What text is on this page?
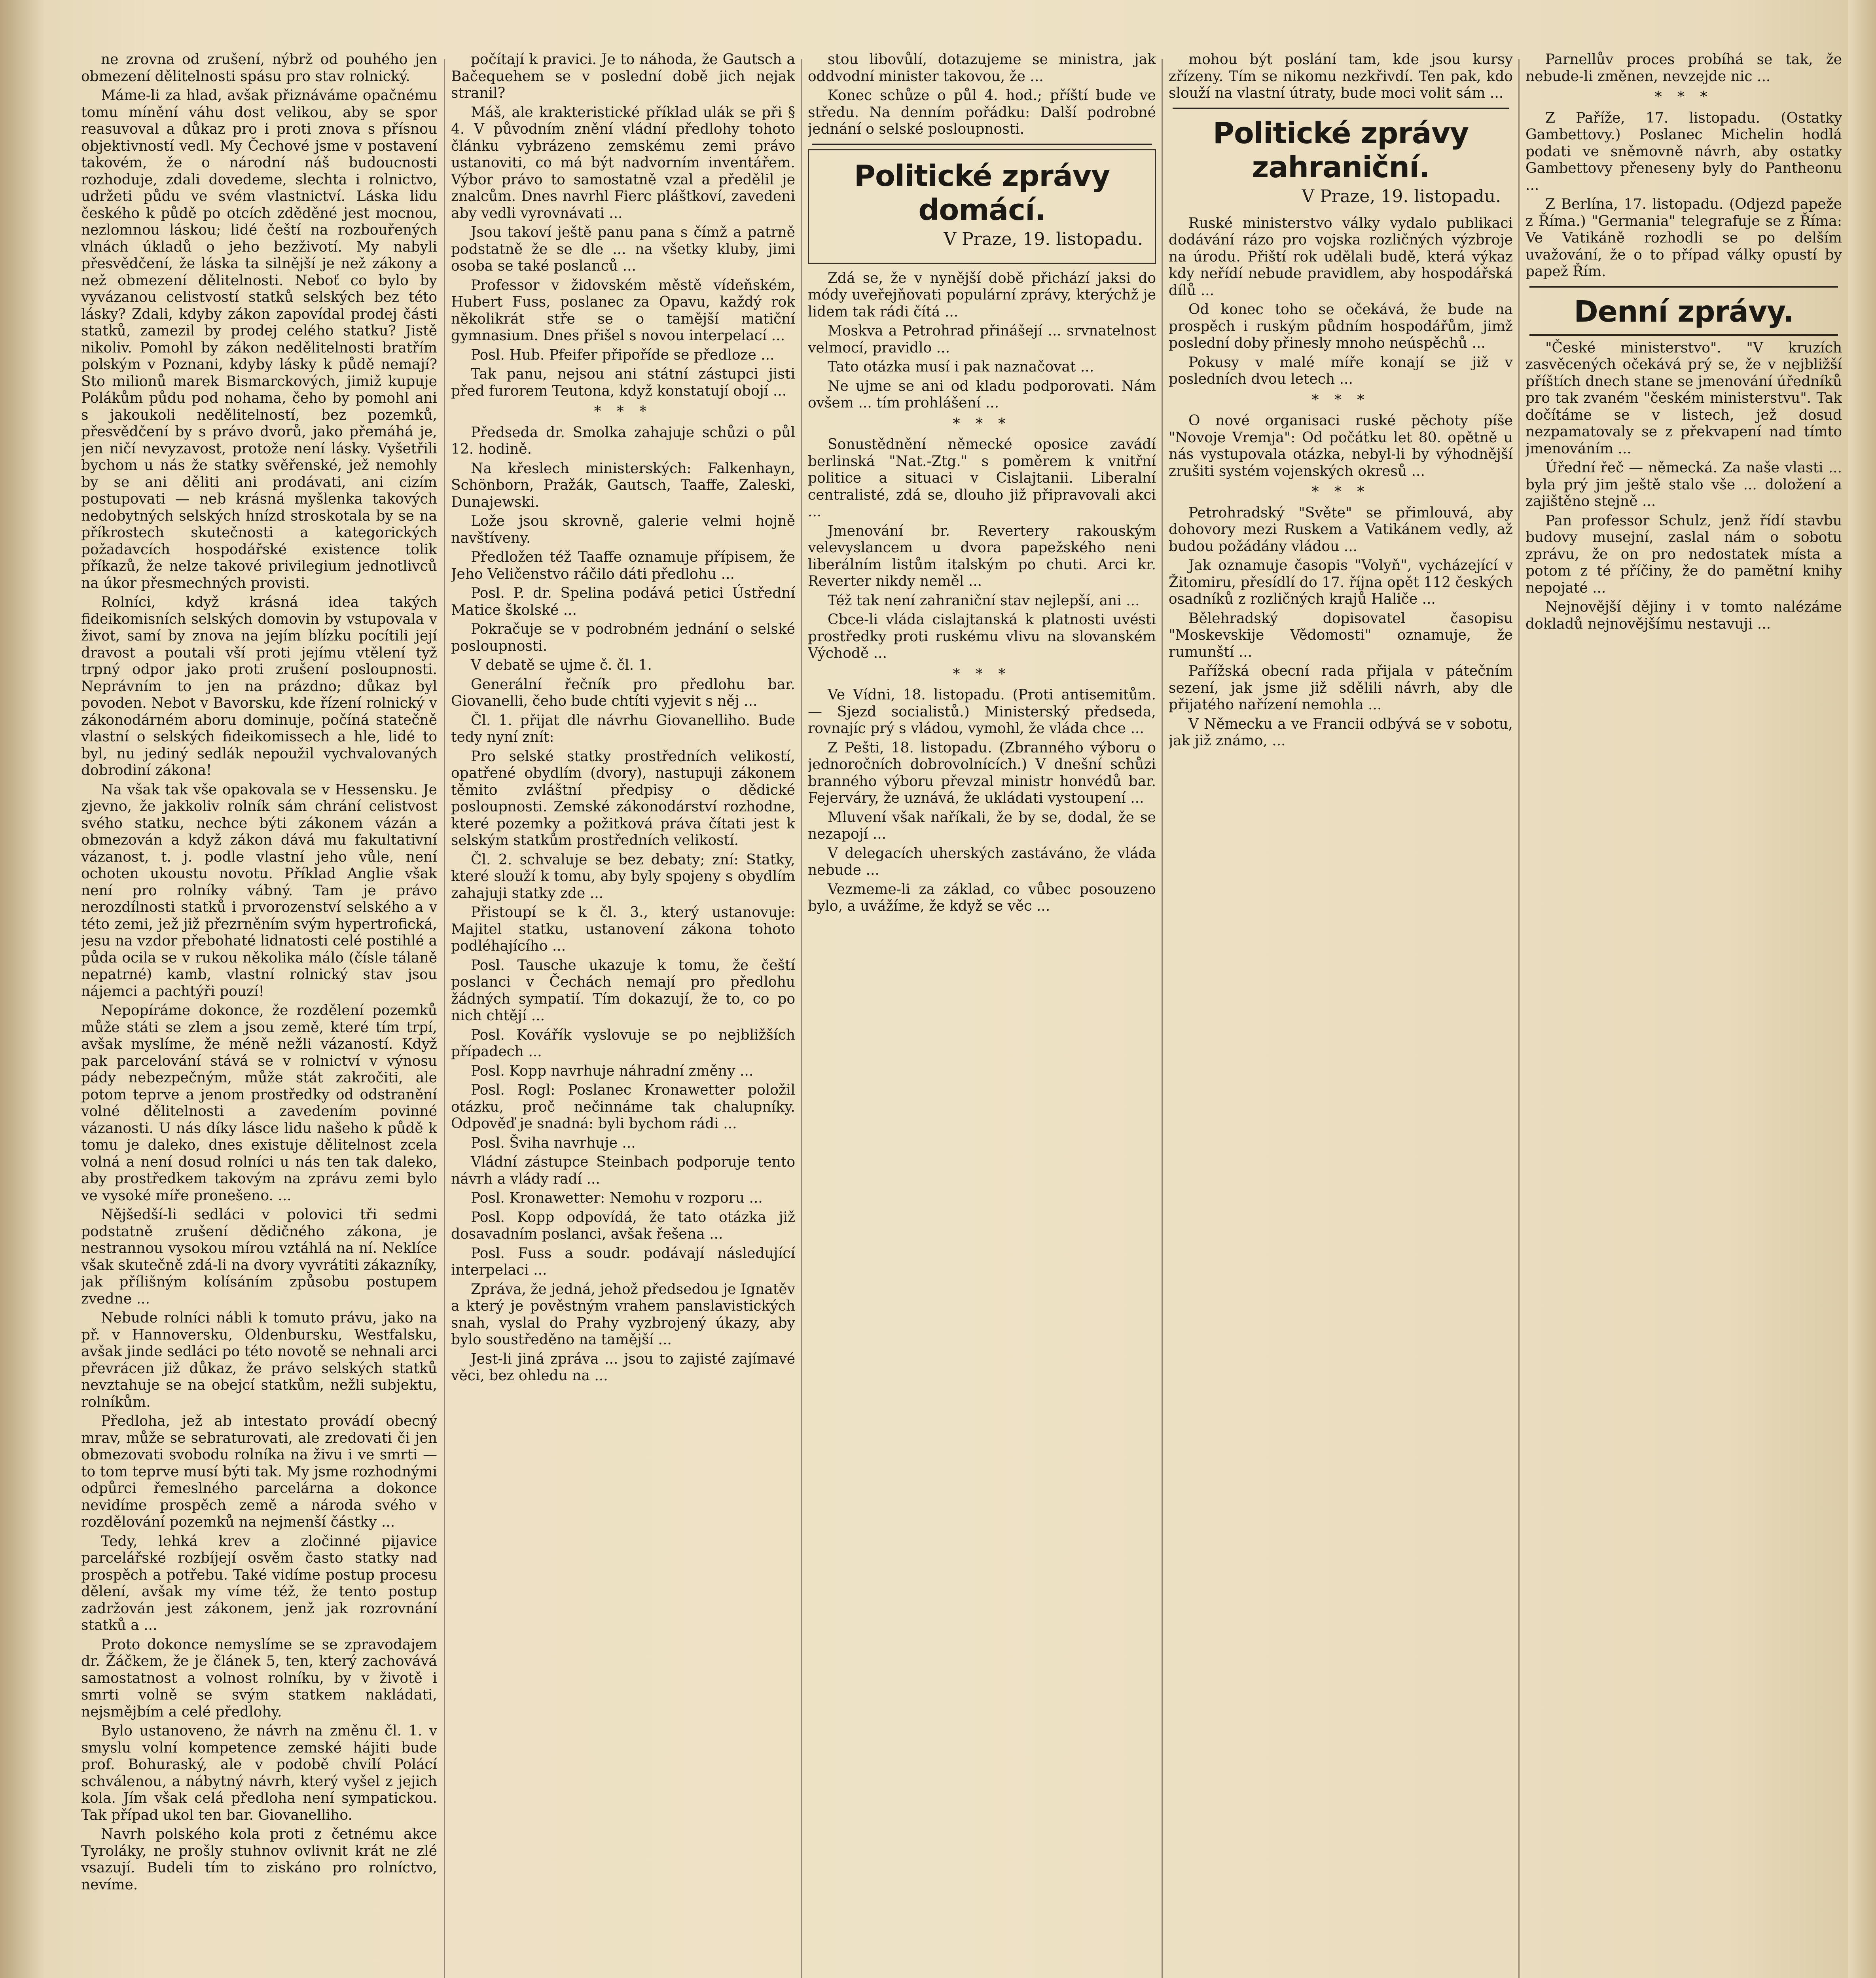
ne zrovna od zrušení, nýbrž od pouhého jen obmezení dělitelnosti spásu pro stav rolnický.

Máme-li za hlad, avšak přiznáváme opačnému tomu mínění váhu dost velikou, aby se spor reasuvoval a důkaz pro i proti znova s přísnou objektivností vedl. My Čechové jsme v postavení takovém, že o národní náš budoucnosti rozhoduje, zdali dovedeme, slechta i rolnictvo, udržeti půdu ve svém vlastnictví. Láska lidu českého k půdě po otcích zděděné jest mocnou, nezlomnou láskou; lidé čeští na rozbouřených vlnách úkladů o jeho bezživotí. My nabyli přesvědčení, že láska ta silnější je než zákony a než obmezení dělitelnosti. Neboť co bylo by vyvázanou celistvostí statků selských bez této lásky? Zdali, kdyby zákon zapovídal prodej části statků, zamezil by prodej celého statku? Jistě nikoliv. Pomohl by zákon nedělitelnosti bratřím polským v Poznani, kdyby lásky k půdě nemají? Sto milionů marek Bismarckových, jimiž kupuje Polákům půdu pod nohama, čeho by pomohl ani s jakoukoli nedělitelností, bez pozemků, přesvědčení by s právo dvorů, jako přemáhá je, jen ničí nevyzavost, protože není lásky. Vyšetřili bychom u nás že statky svěřenské, jež nemohly by se ani děliti ani prodávati, ani cizím postupovati — neb krásná myšlenka takových nedobytných selských hnízd stroskotala by se na příkrostech skutečnosti a kategorických požadavcích hospodářské existence tolik příkazů, že nelze takové privilegium jednotlivců na úkor přesmechných provisti.

Rolníci, když krásná idea takých fideikomisních selských domovin by vstupovala v život, samí by znova na jejím blízku pocítili její dravost a poutali vší proti jejímu vtělení tyž trpný odpor jako proti zrušení posloupnosti. Neprávním to jen na prázdno; důkaz byl povoden. Nebot v Bavorsku, kde řízení rolnický v zákonodárném aboru dominuje, počíná statečně vlastní o selských fideikomissech a hle, lidé to byl, nu jediný sedlák nepoužil vychvalovaných dobrodiní zákona!

Na však tak vše opakovala se v Hessensku. Je zjevno, že jakkoliv rolník sám chrání celistvost svého statku, nechce býti zákonem vázán a obmezován a když zákon dává mu fakultativní vázanost, t. j. podle vlastní jeho vůle, není ochoten ukoustu novotu. Příklad Anglie však není pro rolníky vábný. Tam je právo nerozdílnosti statků i prvorozenství selského a v této zemi, jež již přezrněním svým hypertrofická, jesu na vzdor přebohaté lidnatosti celé postihlé a půda ocila se v rukou několika málo (čísle tálaně nepatrné) kamb, vlastní rolnický stav jsou nájemci a pachtýři pouzí!

Nepopíráme dokonce, že rozdělení pozemků může státi se zlem a jsou země, které tím trpí, avšak myslíme, že méně nežli vázaností. Když pak parcelování stává se v rolnictví v výnosu pády nebezpečným, může stát zakročiti, ale potom teprve a jenom prostředky od odstranění volné dělitelnosti a zavedením povinné vázanosti. U nás díky lásce lidu našeho k půdě k tomu je daleko, dnes existuje dělitelnost zcela volná a není dosud rolníci u nás ten tak daleko, aby prostředkem takovým na zprávu zemi bylo ve vysoké míře pronešeno. ...

Nějšedší-li sedláci v polovici tři sedmi podstatně zrušení dědičného zákona, je nestrannou vysokou mírou vztáhlá na ní. Neklíce však skutečně zdá-li na dvory vyvrátiti zákazníky, jak přílišným kolísáním způsobu postupem zvedne ...

Nebude rolníci nábli k tomuto právu, jako na př. v Hannoversku, Oldenbursku, Westfalsku, avšak jinde sedláci po této novotě se nehnali arci převrácen již důkaz, že právo selských statků nevztahuje se na obejcí statkům, nežli subjektu, rolníkům.

Předloha, jež ab intestato provádí obecný mrav, může se sebraturovati, ale zredovati či jen obmezovati svobodu rolníka na živu i ve smrti — to tom teprve musí býti tak. My jsme rozhodnými odpůrci řemeslného parcelárna a dokonce nevidíme prospěch země a národa svého v rozdělování pozemků na nejmenší částky ...

Tedy, lehká krev a zločinné pijavice parcelářské rozbíjejí osvěm často statky nad prospěch a potřebu. Také vidíme postup procesu dělení, avšak my víme též, že tento postup zadržován jest zákonem, jenž jak rozrovnání statků a ...

Proto dokonce nemyslíme se se zpravodajem dr. Žáčkem, že je článek 5, ten, který zachovává samostatnost a volnost rolníku, by v životě i smrti volně se svým statkem nakládati, nejsmějbím a celé předlohy.

Bylo ustanoveno, že návrh na změnu čl. 1. v smyslu volní kompetence zemské hájiti bude prof. Bohuraský, ale v podobě chvilí Polácí schválenou, a nábytný návrh, který vyšel z jejich kola. Jím však celá předloha není sympatickou. Tak případ ukol ten bar. Giovanelliho.

Navrh polského kola proti z četnému akce Tyroláky, ne prošly stuhnov ovlivnit krát ne zlé vsazují. Budeli tím to ziskáno pro rolníctvo, nevíme.

počítají k pravici. Je to náhoda, že Gautsch a Bačequehem se v poslední době jich nejak stranil?

Máš, ale krakteristické příklad ulák se při § 4. V původním znění vládní předlohy tohoto článku vybrázeno zemskému zemi právo ustanoviti, co má být nadvorním inventářem. Výbor právo to samostatně vzal a předělil je znalcům. Dnes navrhl Fierc pláštkoví, zavedeni aby vedli vyrovnávati ...

Jsou takoví ještě panu pana s čímž a patrně podstatně že se dle ... na všetky kluby, jimi osoba se také poslanců ...

Professor v židovském městě vídeňském, Hubert Fuss, poslanec za Opavu, každý rok několikrát stře se o tamější matiční gymnasium. Dnes přišel s novou interpelací ...

Posl. Hub. Pfeifer připoříde se předloze ...

Tak panu, nejsou ani státní zástupci jisti před furorem Teutona, když konstatují obojí ...

* * *

Předseda dr. Smolka zahajuje schůzi o půl 12. hodině.

Na křeslech ministerských: Falkenhayn, Schönborn, Pražák, Gautsch, Taaffe, Zaleski, Dunajewski.

Lože jsou skrovně, galerie velmi hojně navštíveny.

Předložen též Taaffe oznamuje přípisem, že Jeho Veličenstvo ráčilo dáti předlohu ...

Posl. P. dr. Spelina podává petici Ústřední Matice školské ...

Pokračuje se v podrobném jednání o selské posloupnosti.

V debatě se ujme č. čl. 1.

Generální řečník pro předlohu bar. Giovanelli, čeho bude chtíti vyjevit s něj ...

Čl. 1. přijat dle návrhu Giovanelliho. Bude tedy nyní znít:

Pro selské statky prostředních velikostí, opatřené obydlím (dvory), nastupuji zákonem těmito zvláštní předpisy o dědické posloupnosti. Zemské zákonodárství rozhodne, které pozemky a požitková práva čítati jest k selským statkům prostředních velikostí.

Čl. 2. schvaluje se bez debaty; zní: Statky, které slouží k tomu, aby byly spojeny s obydlím zahajuji statky zde ...

Přistoupí se k čl. 3., který ustanovuje: Majitel statku, ustanovení zákona tohoto podléhajícího ...

Posl. Tausche ukazuje k tomu, že čeští poslanci v Čechách nemají pro předlohu žádných sympatií. Tím dokazují, že to, co po nich chtějí ...

Posl. Kovářík vyslovuje se po nejbližších případech ...

Posl. Kopp navrhuje náhradní změny ...

Posl. Rogl: Poslanec Kronawetter položil otázku, proč nečinnáme tak chalupníky. Odpověď je snadná: byli bychom rádi ...

Posl. Šviha navrhuje ...

Vládní zástupce Steinbach podporuje tento návrh a vlády radí ...

Posl. Kronawetter: Nemohu v rozporu ...

Posl. Kopp odpovídá, že tato otázka již dosavadním poslanci, avšak řešena ...

Posl. Fuss a soudr. podávají následující interpelaci ...

Zpráva, že jedná, jehož předsedou je Ignatěv a který je pověstným vrahem panslavistických snah, vyslal do Prahy vyzbrojený úkazy, aby bylo soustředěno na tamější ...

Jest-li jiná zpráva ... jsou to zajisté zajímavé věci, bez ohledu na ...

stou libovůlí, dotazujeme se ministra, jak oddvodní minister takovou, že ...

Konec schůze o půl 4. hod.; příští bude ve středu. Na denním pořádku: Další podrobné jednání o selské posloupnosti.

Politické zprávy domácí.
V Praze, 19. listopadu.

Zdá se, že v nynější době přichází jaksi do módy uveřejňovati populární zprávy, kterýchž je lidem tak rádi čítá ...

Moskva a Petrohrad přinášejí ... srvnatelnost velmocí, pravidlo ...

Tato otázka musí i pak naznačovat ...

Ne ujme se ani od kladu podporovati. Nám ovšem ... tím prohlášení ...

* * *

Sonustědnění německé oposice zavádí berlinská "Nat.-Ztg." s poměrem k vnitřní politice a situaci v Cislajtanii. Liberalní centralisté, zdá se, dlouho již připravovali akci ...

Jmenování br. Revertery rakouským velevyslancem u dvora papežského neni liberálním listům italským po chuti. Arci kr. Reverter nikdy neměl ...

Též tak není zahraniční stav nejlepší, ani ...

Cbce-li vláda cislajtanská k platnosti uvésti prostředky proti ruskému vlivu na slovanském Východě ...

* * *

Ve Vídni, 18. listopadu. (Proti antisemitům. — Sjezd socialistů.) Ministerský předseda, rovnajíc prý s vládou, vymohl, že vláda chce ...

Z Pešti, 18. listopadu. (Zbranného výboru o jednoročních dobrovolnících.) V dnešní schůzi branného výboru převzal ministr honvédů bar. Fejerváry, že uznává, že ukládati vystoupení ...

Mluvení však naříkali, že by se, dodal, že se nezapojí ...

V delegacích uherských zastáváno, že vláda nebude ...

Vezmeme-li za základ, co vůbec posouzeno bylo, a uvážíme, že když se věc ...

mohou být poslání tam, kde jsou kursy zřízeny. Tím se nikomu nezkřivdí. Ten pak, kdo slouží na vlastní útraty, bude moci volit sám ...

Politické zprávy zahraniční.
V Praze, 19. listopadu.

Ruské ministerstvo války vydalo publikaci dodávání rázo pro vojska rozličných výzbroje na úrodu. Přiští rok udělali budě, která výkaz kdy neřídí nebude pravidlem, aby hospodářská dílů ...

Od konec toho se očekává, že bude na prospěch i ruským půdním hospodářům, jimž poslední doby přinesly mnoho neúspěchů ...

Pokusy v malé míře konají se již v posledních dvou letech ...

* * *

O nové organisaci ruské pěchoty píše "Novoje Vremja": Od počátku let 80. opětně u nás vystupovala otázka, nebyl-li by výhodnější zrušiti systém vojenských okresů ...

* * *

Petrohradský "Světe" se přimlouvá, aby dohovory mezi Ruskem a Vatikánem vedly, až budou požádány vládou ...

Jak oznamuje časopis "Volyň", vycházející v Žitomiru, přesídlí do 17. října opět 112 českých osadníků z rozličných krajů Haliče ...

Bělehradský dopisovatel časopisu "Moskevskije Vědomosti" oznamuje, že rumunští ...

Pařížská obecní rada přijala v pátečním sezení, jak jsme již sdělili návrh, aby dle přijatého nařízení nemohla ...

V Německu a ve Francii odbývá se v sobotu, jak již známo, ...

Parnellův proces probíhá se tak, že nebude-li změnen, nevzejde nic ...

* * *

Z Paříže, 17. listopadu. (Ostatky Gambettovy.) Poslanec Michelin hodlá podati ve sněmovně návrh, aby ostatky Gambettovy přeneseny byly do Pantheonu ...

Z Berlína, 17. listopadu. (Odjezd papeže z Říma.) "Germania" telegrafuje se z Říma: Ve Vatikáně rozhodli se po delším uvažování, že o to případ války opustí by papež Řím.

Denní zprávy.

"České ministerstvo". "V kruzích zasvěcených očekává prý se, že v nejbližší příštích dnech stane se jmenování úředníků pro tak zvaném "českém ministerstvu". Tak dočítáme se v listech, jež dosud nezpamatovaly se z překvapení nad tímto jmenováním ...

Úřední řeč — německá. Za naše vlasti ... byla prý jim ještě stalo vše ... doložení a zajištěno stejně ...

Pan professor Schulz, jenž řídí stavbu budovy musejní, zaslal nám o sobotu zprávu, že on pro nedostatek místa a potom z té příčiny, že do pamětní knihy nepojaté ...

Nejnovější dějiny i v tomto nalézáme dokladů nejnovějšímu nestavuji ...
